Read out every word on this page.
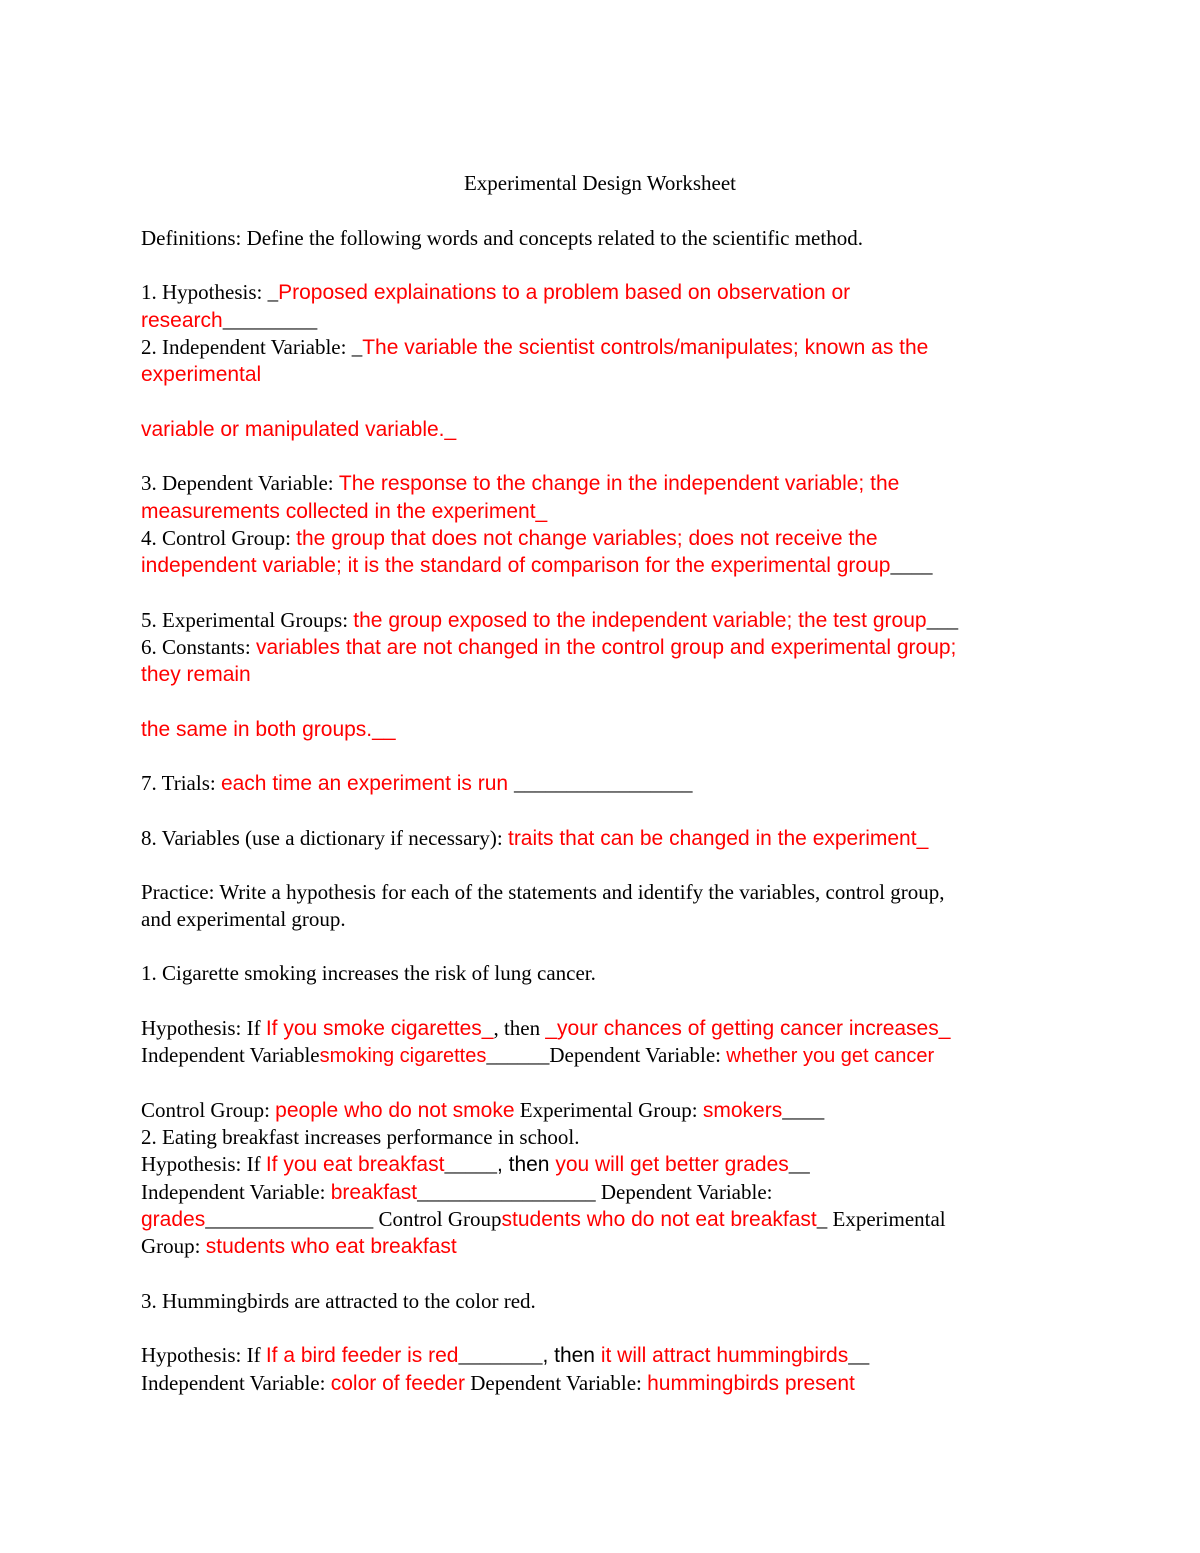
Experimental Design Worksheet
Definitions: Define the following words and concepts related to the scientific method.
1. Hypothesis: _Proposed explainations to a problem based on observation or
research_________
2. Independent Variable: _The variable the scientist controls/manipulates; known as the
experimental
variable or manipulated variable._
3. Dependent Variable: The response to the change in the independent variable; the
measurements collected in the experiment_
4. Control Group: the group that does not change variables; does not receive the
independent variable; it is the standard of comparison for the experimental group____
5. Experimental Groups: the group exposed to the independent variable; the test group___
6. Constants: variables that are not changed in the control group and experimental group;
they remain
the same in both groups.__
7. Trials: each time an experiment is run _________________
8. Variables (use a dictionary if necessary): traits that can be changed in the experiment_
Practice: Write a hypothesis for each of the statements and identify the variables, control group,
and experimental group.
1. Cigarette smoking increases the risk of lung cancer.
Hypothesis: If If you smoke cigarettes_, then _your chances of getting cancer increases_
Independent Variablesmoking cigarettes______Dependent Variable: whether you get cancer
Control Group: people who do not smoke Experimental Group: smokers____
2. Eating breakfast increases performance in school.
Hypothesis: If If you eat breakfast_____, then you will get better grades__
Independent Variable: breakfast_________________ Dependent Variable:
grades________________ Control Groupstudents who do not eat breakfast_ Experimental
Group: students who eat breakfast
3. Hummingbirds are attracted to the color red.
Hypothesis: If If a bird feeder is red________, then it will attract hummingbirds__
Independent Variable: color of feeder Dependent Variable: hummingbirds present
